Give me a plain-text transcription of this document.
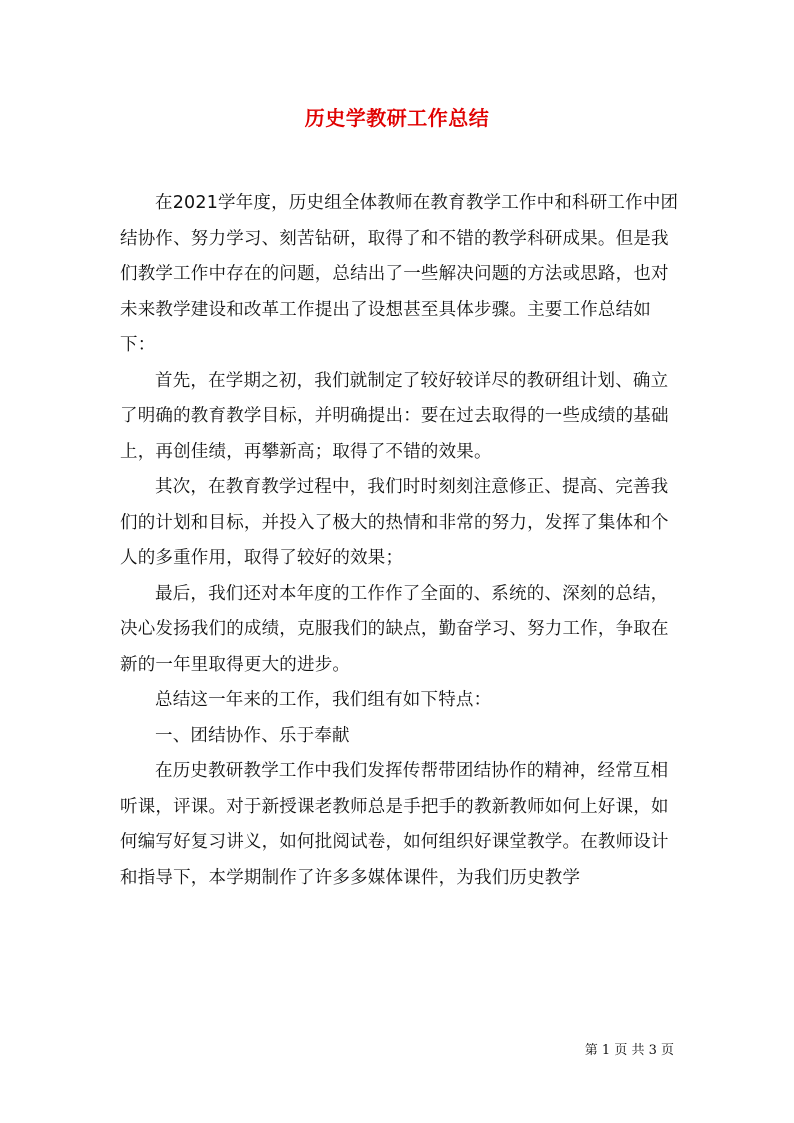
历史学教研工作总结

在2021学年度，历史组全体教师在教育教学工作中和科研工作中团结协作、努力学习、刻苦钻研，取得了和不错的教学科研成果。但是我们教学工作中存在的问题，总结出了一些解决问题的方法或思路，也对未来教学建设和改革工作提出了设想甚至具体步骤。主要工作总结如下：

首先，在学期之初，我们就制定了较好较详尽的教研组计划、确立了明确的教育教学目标，并明确提出：要在过去取得的一些成绩的基础上，再创佳绩，再攀新高；取得了不错的效果。

其次，在教育教学过程中，我们时时刻刻注意修正、提高、完善我们的计划和目标，并投入了极大的热情和非常的努力，发挥了集体和个人的多重作用，取得了较好的效果；

最后，我们还对本年度的工作作了全面的、系统的、深刻的总结，决心发扬我们的成绩，克服我们的缺点，勤奋学习、努力工作，争取在新的一年里取得更大的进步。

总结这一年来的工作，我们组有如下特点：

一、团结协作、乐于奉献

在历史教研教学工作中我们发挥传帮带团结协作的精神，经常互相听课，评课。对于新授课老教师总是手把手的教新教师如何上好课，如何编写好复习讲义，如何批阅试卷，如何组织好课堂教学。在教师设计和指导下，本学期制作了许多多媒体课件，为我们历史教学

第 1 页 共 3 页
